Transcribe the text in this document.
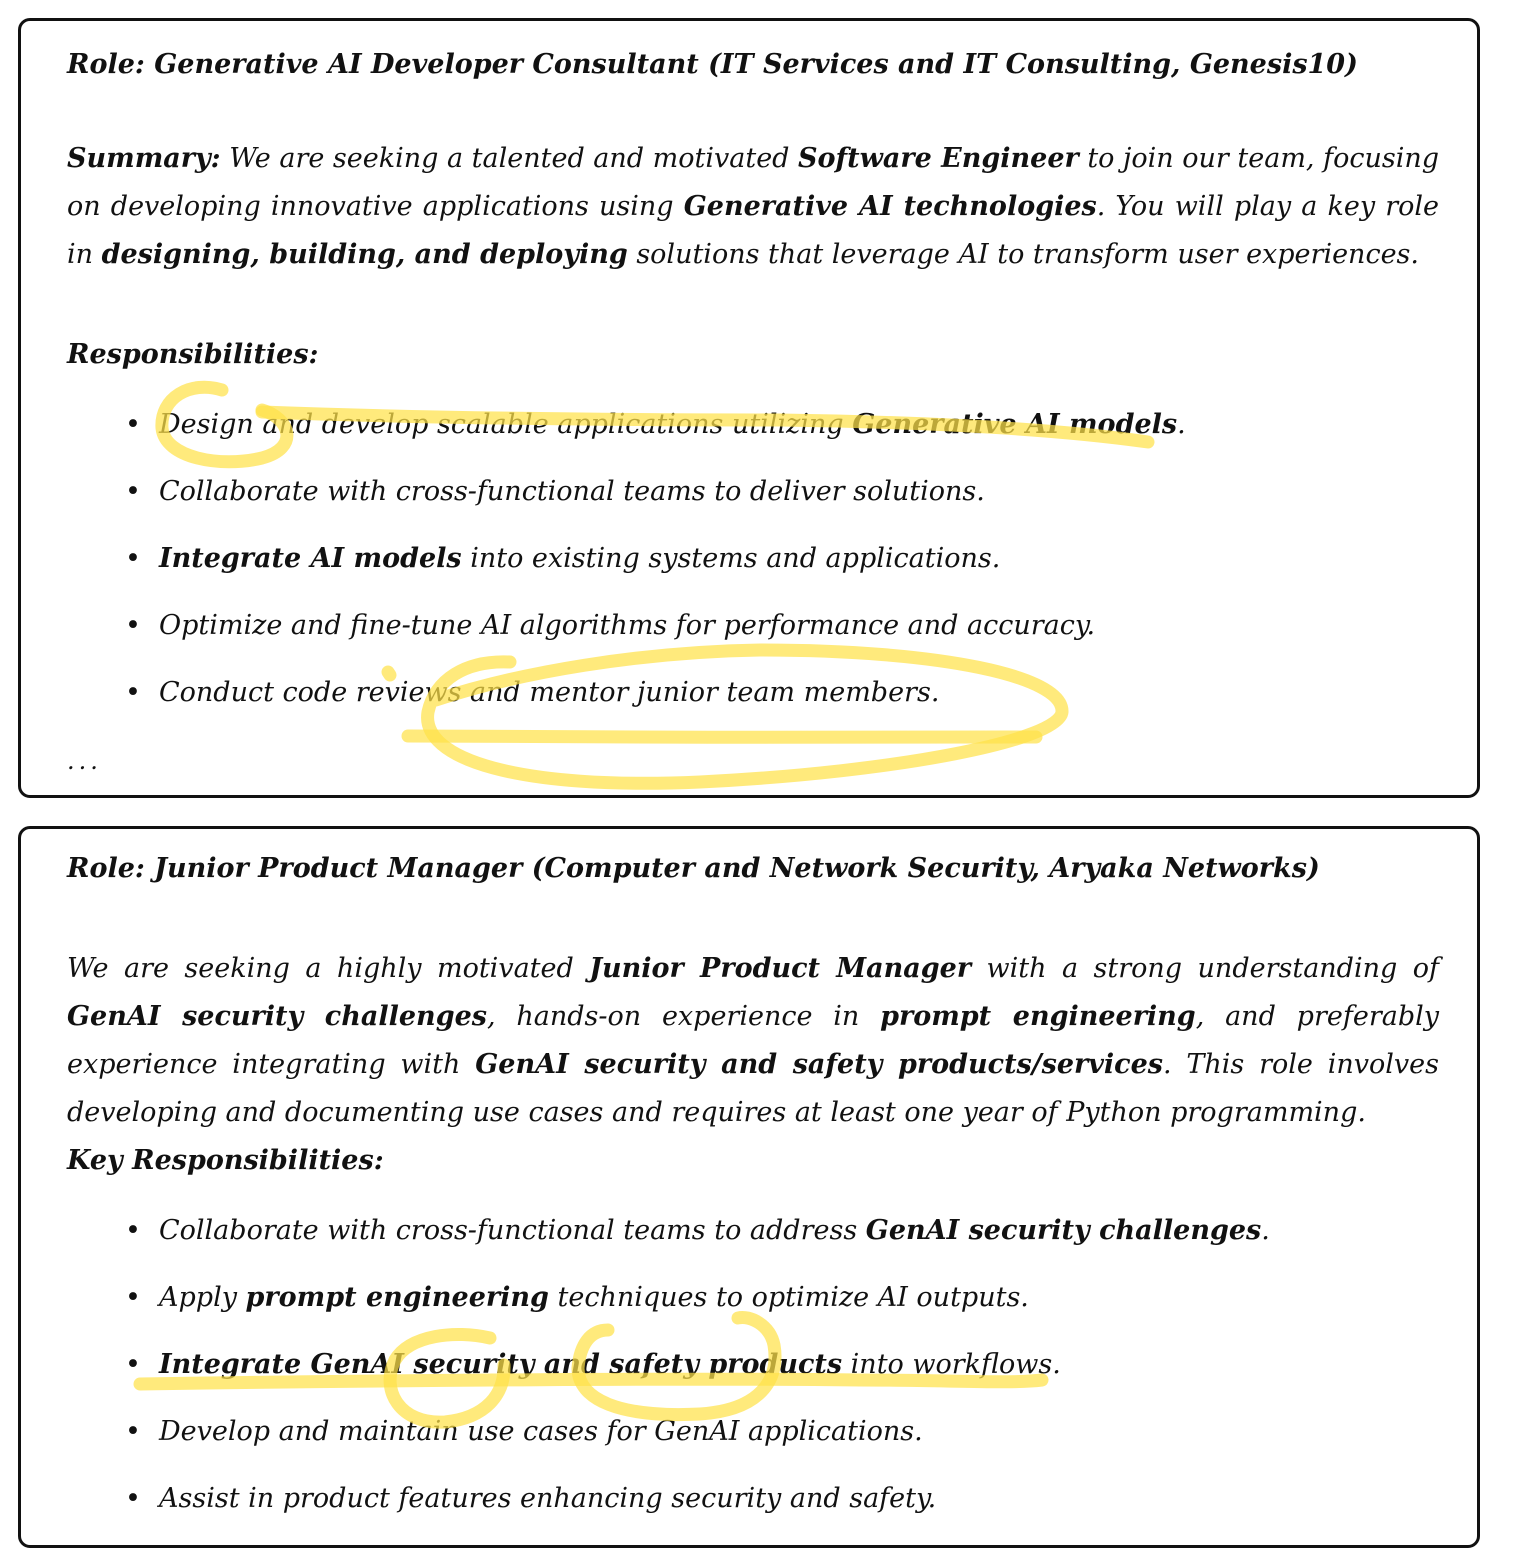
Role: Generative AI Developer Consultant (IT Services and IT Consulting, Genesis10)

Summary: We are seeking a talented and motivated Software Engineer to join our team, focusing on developing innovative applications using Generative AI technologies. You will play a key role in designing, building, and deploying solutions that leverage AI to transform user experiences.

Responsibilities:

• Design and develop scalable applications utilizing Generative AI models.
• Collaborate with cross-functional teams to deliver solutions.
• Integrate AI models into existing systems and applications.
• Optimize and fine-tune AI algorithms for performance and accuracy.
• Conduct code reviews and mentor junior team members.
...

Role: Junior Product Manager (Computer and Network Security, Aryaka Networks)

We are seeking a highly motivated Junior Product Manager with a strong understanding of GenAI security challenges, hands-on experience in prompt engineering, and preferably experience integrating with GenAI security and safety products/services. This role involves developing and documenting use cases and requires at least one year of Python programming.

Key Responsibilities:

• Collaborate with cross-functional teams to address GenAI security challenges.
• Apply prompt engineering techniques to optimize AI outputs.
• Integrate GenAI security and safety products into workflows.
• Develop and maintain use cases for GenAI applications.
• Assist in product features enhancing security and safety.
